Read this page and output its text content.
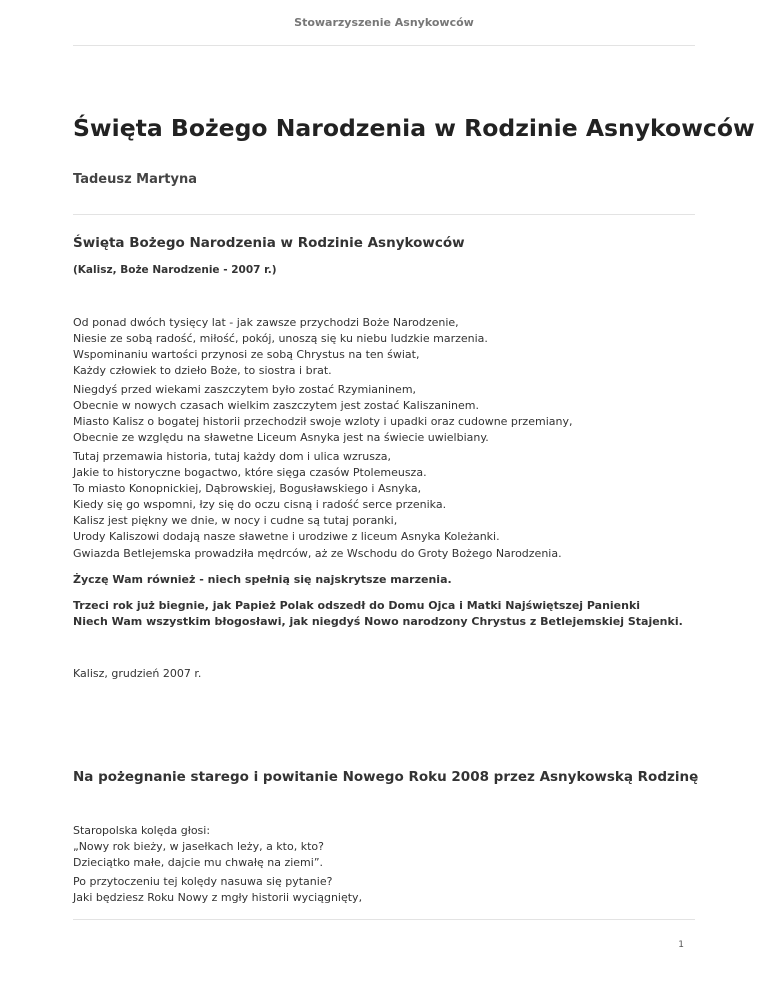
Stowarzyszenie Asnykowców
Święta Bożego Narodzenia w Rodzinie Asnykowców

Tadeusz Martyna

Święta Bożego Narodzenia w Rodzinie Asnykowców

(Kalisz, Boże Narodzenie - 2007 r.)

Od ponad dwóch tysięcy lat - jak zawsze przychodzi Boże Narodzenie,
Niesie ze sobą radość, miłość, pokój, unoszą się ku niebu ludzkie marzenia.
Wspominaniu wartości przynosi ze sobą Chrystus na ten świat,
Każdy człowiek to dzieło Boże, to siostra i brat.
Niegdyś przed wiekami zaszczytem było zostać Rzymianinem,
Obecnie w nowych czasach wielkim zaszczytem jest zostać Kaliszaninem.
Miasto Kalisz o bogatej historii przechodził swoje wzloty i upadki oraz cudowne przemiany,
Obecnie ze względu na sławetne Liceum Asnyka jest na świecie uwielbiany.
Tutaj przemawia historia, tutaj każdy dom i ulica wzrusza,
Jakie to historyczne bogactwo, które sięga czasów Ptolemeusza.
To miasto Konopnickiej, Dąbrowskiej, Bogusławskiego i Asnyka,
Kiedy się go wspomni, łzy się do oczu cisną i radość serce przenika.
Kalisz jest piękny we dnie, w nocy i cudne są tutaj poranki,
Urody Kaliszowi dodają nasze sławetne i urodziwe z liceum Asnyka Koleżanki.
Gwiazda Betlejemska prowadziła mędrców, aż ze Wschodu do Groty Bożego Narodzenia.
Życzę Wam również - niech spełnią się najskrytsze marzenia.
Trzeci rok już biegnie, jak Papież Polak odszedł do Domu Ojca i Matki Najświętszej Panienki
Niech Wam wszystkim błogosławi, jak niegdyś Nowo narodzony Chrystus z Betlejemskiej Stajenki.
Kalisz, grudzień 2007 r.
Na pożegnanie starego i powitanie Nowego Roku 2008 przez Asnykowską Rodzinę
Staropolska kolęda głosi:
„Nowy rok bieży, w jasełkach leży, a kto, kto?
Dzieciątko małe, dajcie mu chwałę na ziemi”.
Po przytoczeniu tej kolędy nasuwa się pytanie?
Jaki będziesz Roku Nowy z mgły historii wyciągnięty,
1
